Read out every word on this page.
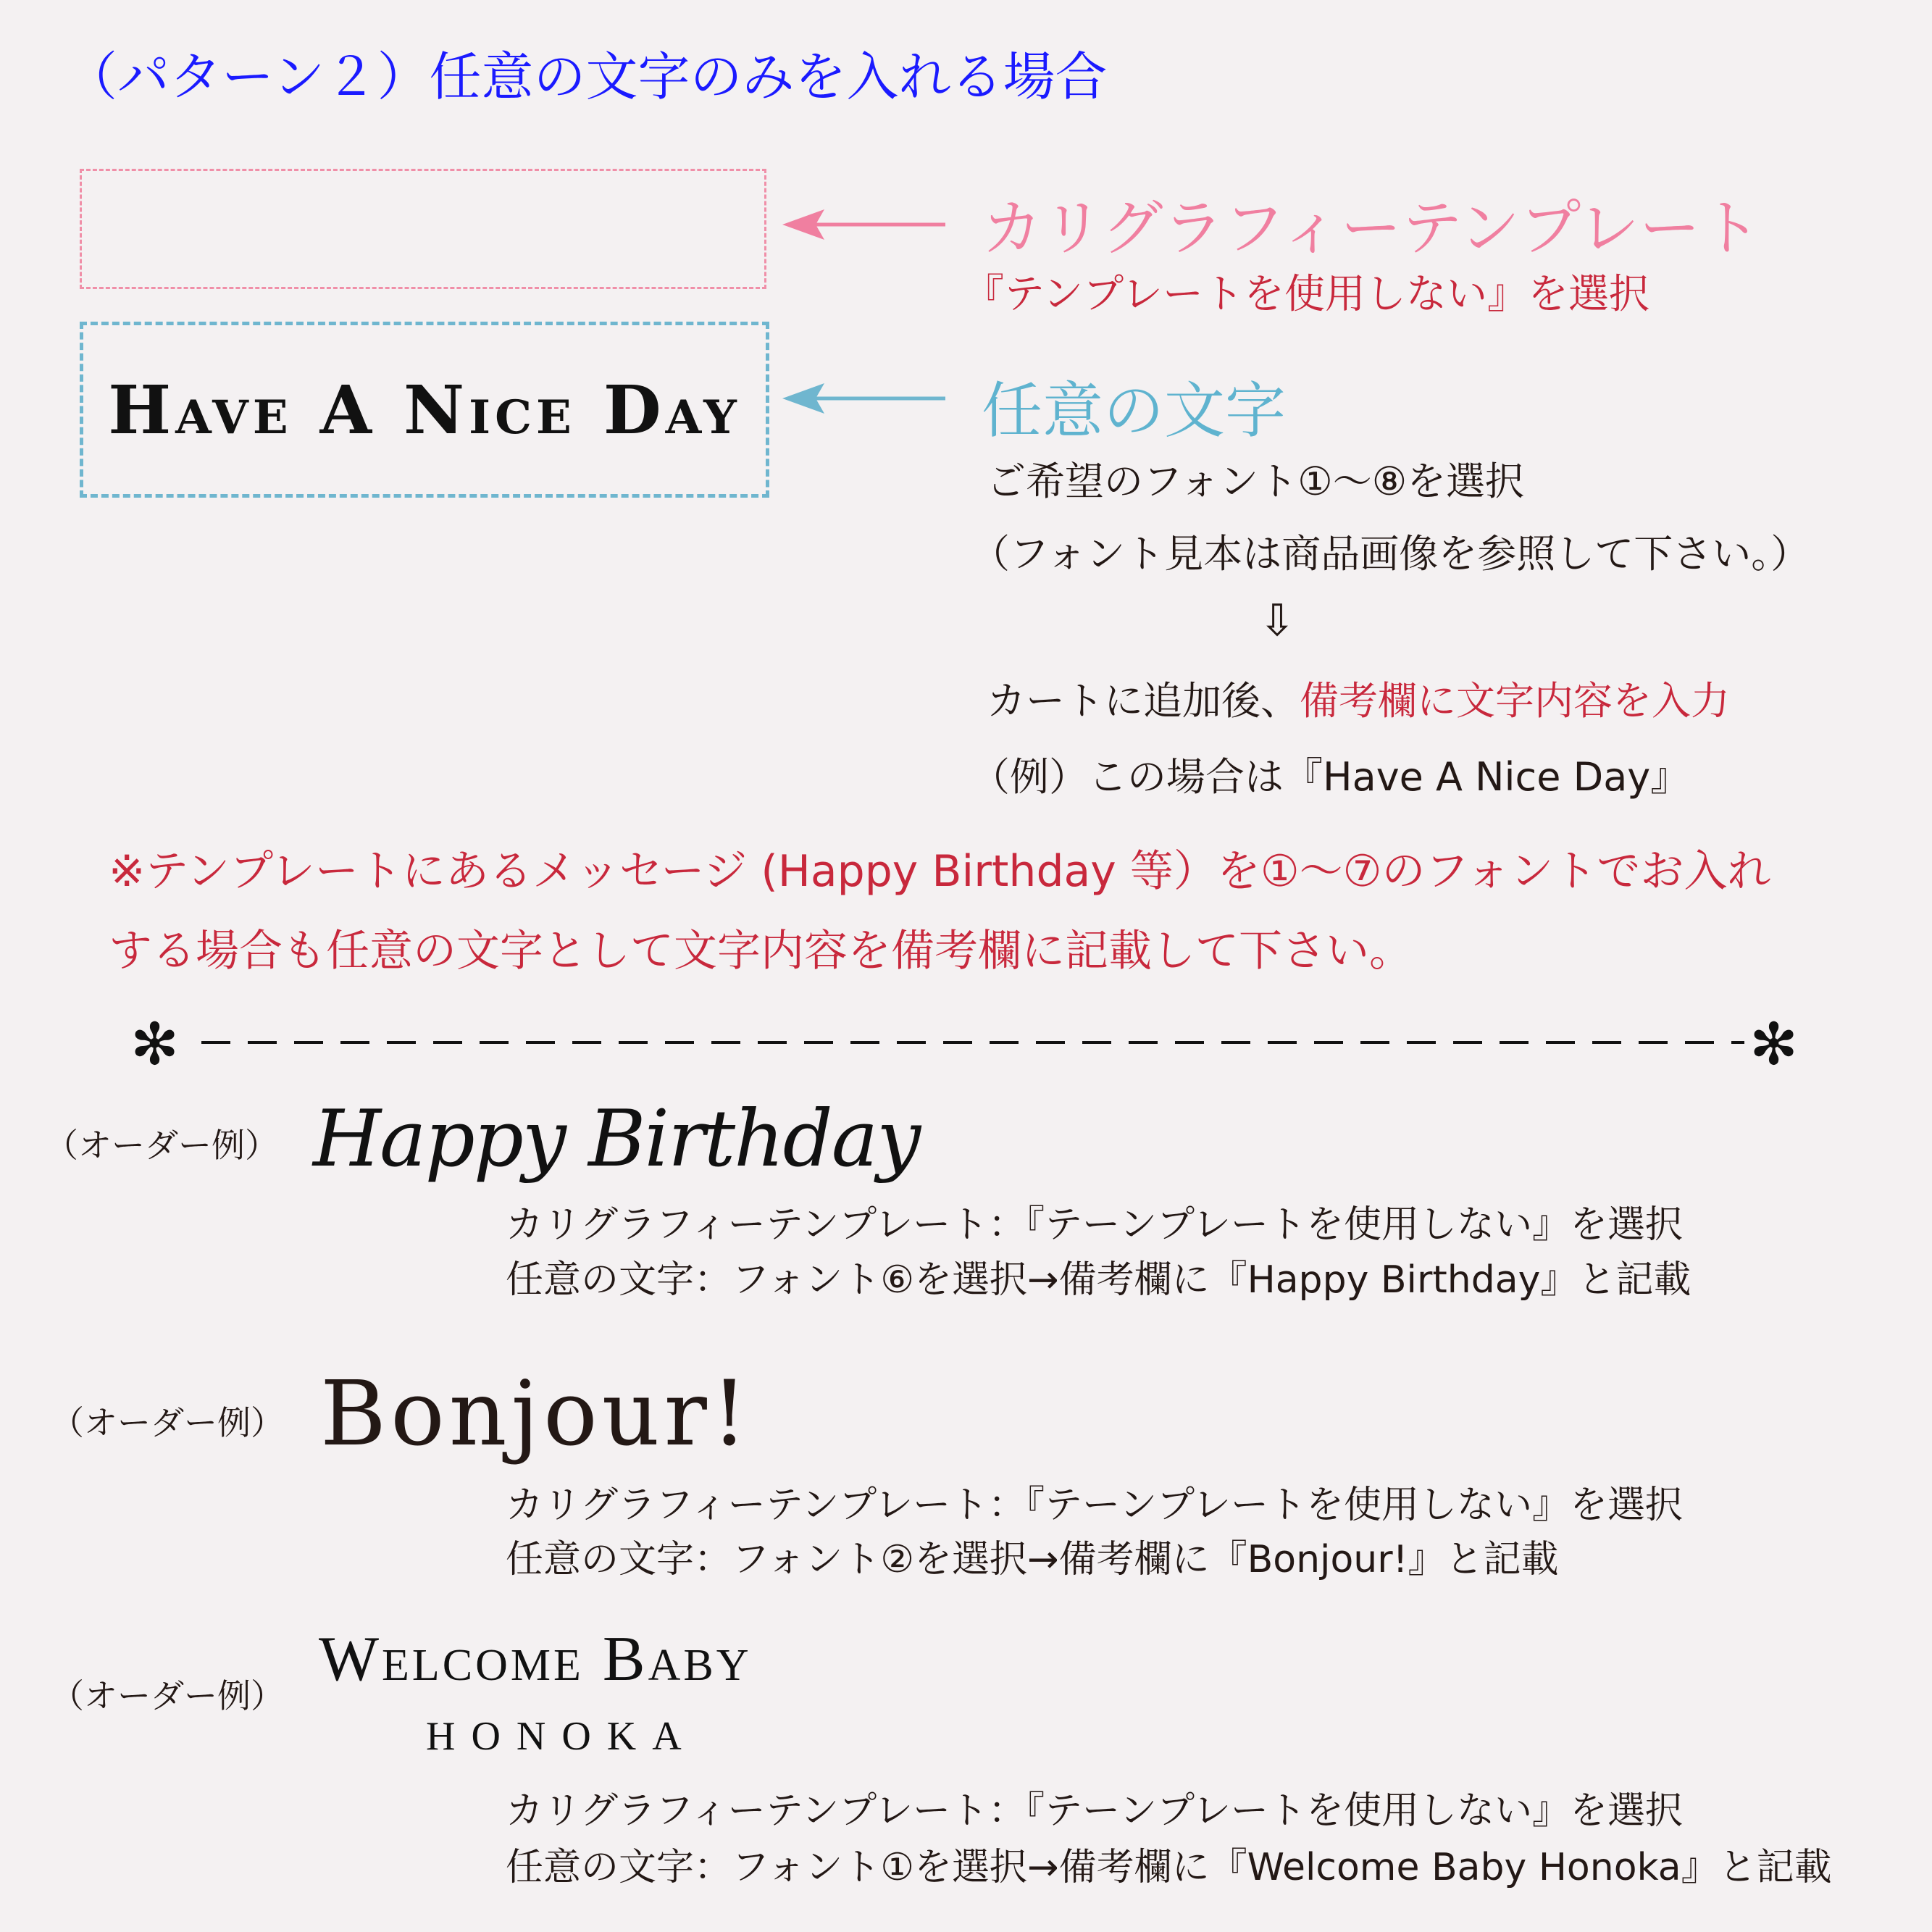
（パターン２）任意の文字のみを入れる場合
Have A Nice Day
カリグラフィーテンプレート
『テンプレートを使用しない』を選択
任意の文字
ご希望のフォント①〜⑧を選択
（フォント見本は商品画像を参照して下さい。）
⇩
カートに追加後、備考欄に文字内容を入力
（例）この場合は『Have A Nice Day』
※テンプレートにあるメッセージ (Happy Birthday 等）を①〜⑦のフォントでお入れ
する場合も任意の文字として文字内容を備考欄に記載して下さい。
✻	✻
（オーダー例） Happy Birthday
カリグラフィーテンプレート：『テーンプレートを使用しない』を選択
任意の文字：フォント⑥を選択→備考欄に『Happy Birthday』と記載
（オーダー例） Bonjour!
カリグラフィーテンプレート：『テーンプレートを使用しない』を選択
任意の文字：フォント②を選択→備考欄に『Bonjour!』と記載
（オーダー例）
Welcome Baby
HONOKA
カリグラフィーテンプレート：『テーンプレートを使用しない』を選択
任意の文字：フォント①を選択→備考欄に『Welcome Baby Honoka』と記載
